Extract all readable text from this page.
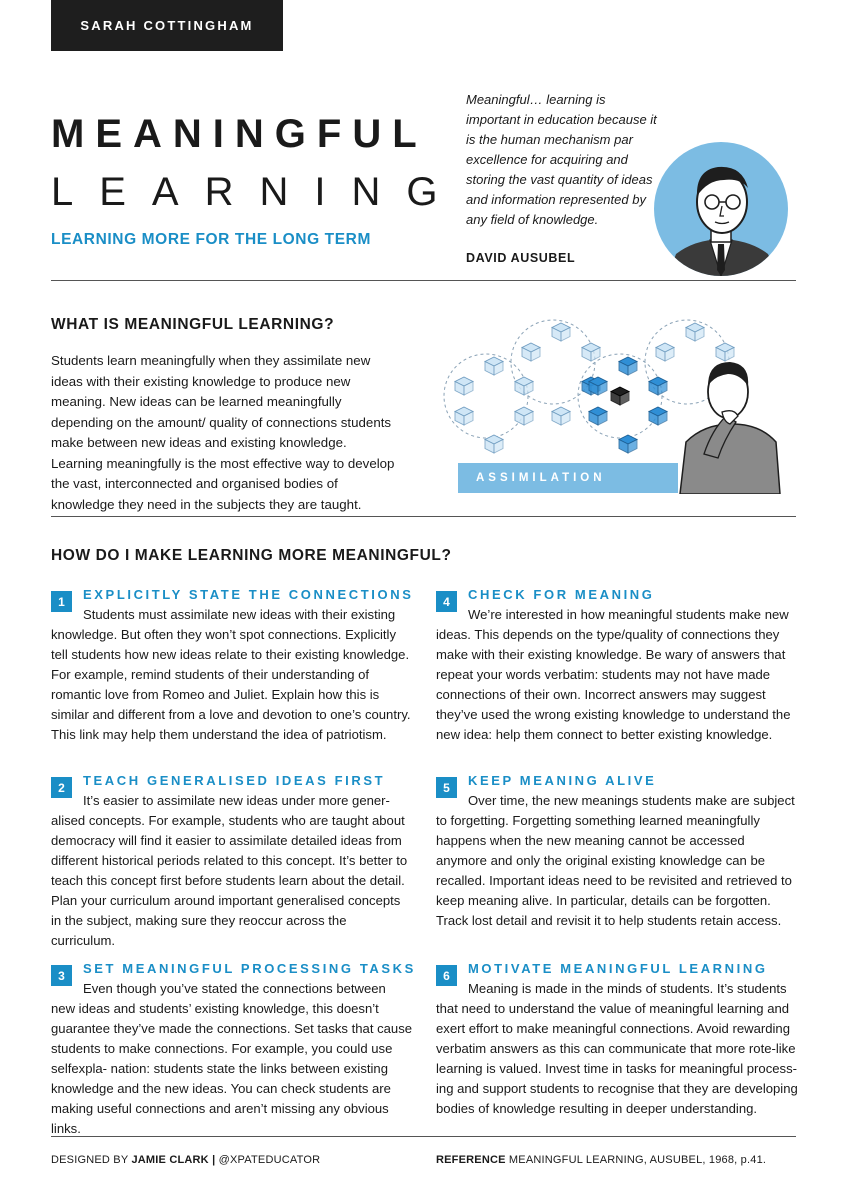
SARAH COTTINGHAM
MEANINGFUL
LEARNING
LEARNING MORE FOR THE LONG TERM
Meaningful… learning is important in education because it is the human mechanism par excellence for acquiring and storing the vast quantity of ideas and information represented by any field of knowledge.
DAVID AUSUBEL
WHAT IS MEANINGFUL LEARNING?
Students learn meaningfully when they assimilate new ideas with their existing knowledge to produce new meaning. New ideas can be learned meaningfully depending on the amount/ quality of connections students make between new ideas and existing knowledge. Learning meaningfully is the most effective way to develop the vast, interconnected and organised bodies of knowledge they need in the subjects they are taught.
ASSIMILATION
HOW DO I MAKE LEARNING MORE MEANINGFUL?
1	EXPLICITLY STATE THE CONNECTIONS
Students must assimilate new ideas with their existing knowledge. But often they won’t spot connections. Explicitly tell students how new ideas relate to their existing knowledge. For example, remind students of their understanding of romantic love from Romeo and Juliet. Explain how this is similar and different from a love and devotion to one’s country. This link may help them understand the idea of patriotism.
2	TEACH GENERALISED IDEAS FIRST
It’s easier to assimilate new ideas under more gener- alised concepts. For example, students who are taught about democracy will find it easier to assimilate detailed ideas from different historical periods related to this concept. It’s better to teach this concept first before students learn about the detail. Plan your curriculum around important generalised concepts in the subject, making sure they reoccur across the curriculum.
3	SET MEANINGFUL PROCESSING TASKS
Even though you’ve stated the connections between new ideas and students’ existing knowledge, this doesn’t guarantee they’ve made the connections. Set tasks that cause students to make connections. For example, you could use selfexpla- nation: students state the links between existing knowledge and the new ideas. You can check students are making useful connections and aren’t missing any obvious links.
4	CHECK FOR MEANING
We’re interested in how meaningful students make new ideas. This depends on the type/quality of connections they make with their existing knowledge. Be wary of answers that repeat your words verbatim: students may not have made connections of their own. Incorrect answers may suggest they’ve used the wrong existing knowledge to understand the new idea: help them connect to better existing knowledge.
5	KEEP MEANING ALIVE
Over time, the new meanings students make are subject to forgetting. Forgetting something learned meaningfully happens when the new meaning cannot be accessed anymore and only the original existing knowledge can be recalled. Important ideas need to be revisited and retrieved to keep meaning alive. In particular, details can be forgotten. Track lost detail and revisit it to help students retain access.
6	MOTIVATE MEANINGFUL LEARNING
Meaning is made in the minds of students. It’s students that need to understand the value of meaningful learning and exert effort to make meaningful connections. Avoid rewarding verbatim answers as this can communicate that more rote-like learning is valued. Invest time in tasks for meaningful process- ing and support students to recognise that they are developing bodies of knowledge resulting in deeper understanding.
DESIGNED BY JAMIE CLARK | @XPATEDUCATOR	REFERENCE MEANINGFUL LEARNING, AUSUBEL, 1968, p.41.
